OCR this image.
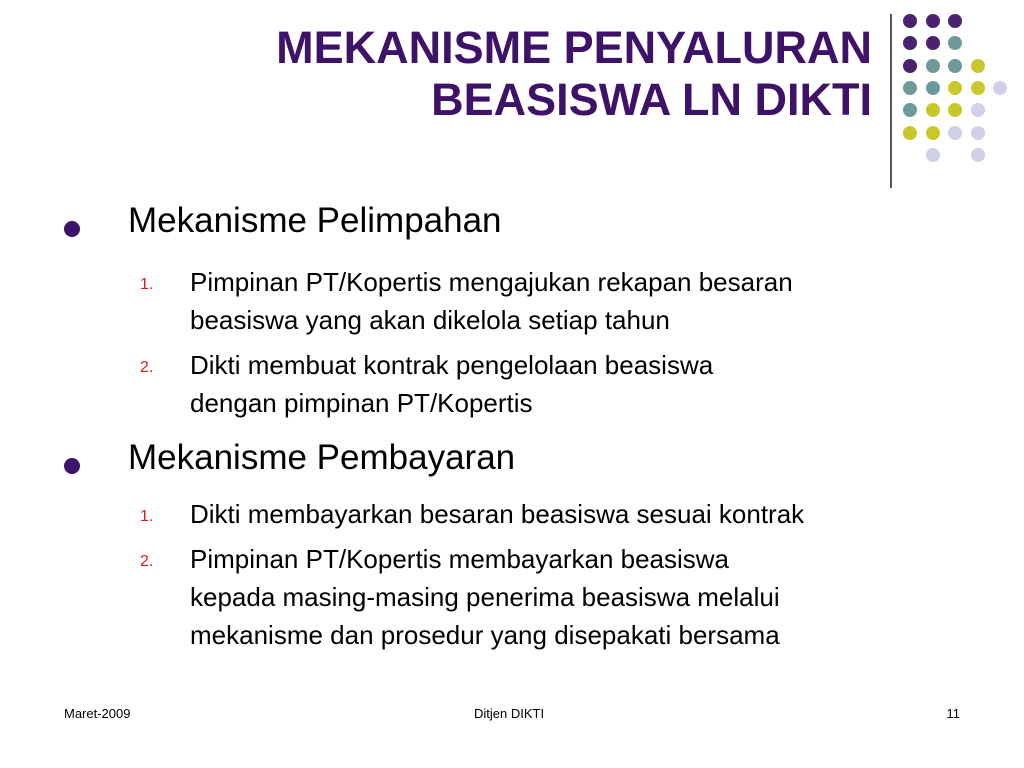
MEKANISME PENYALURAN
BEASISWA LN DIKTI
Mekanisme Pelimpahan
1. Pimpinan PT/Kopertis mengajukan rekapan besaran
beasiswa yang akan dikelola setiap tahun
2. Dikti membuat kontrak pengelolaan beasiswa
dengan pimpinan PT/Kopertis
Mekanisme Pembayaran
1. Dikti membayarkan besaran beasiswa sesuai kontrak
2. Pimpinan PT/Kopertis membayarkan beasiswa
kepada masing-masing penerima beasiswa melalui
mekanisme dan prosedur yang disepakati bersama
Maret-2009	Ditjen DIKTI	11
